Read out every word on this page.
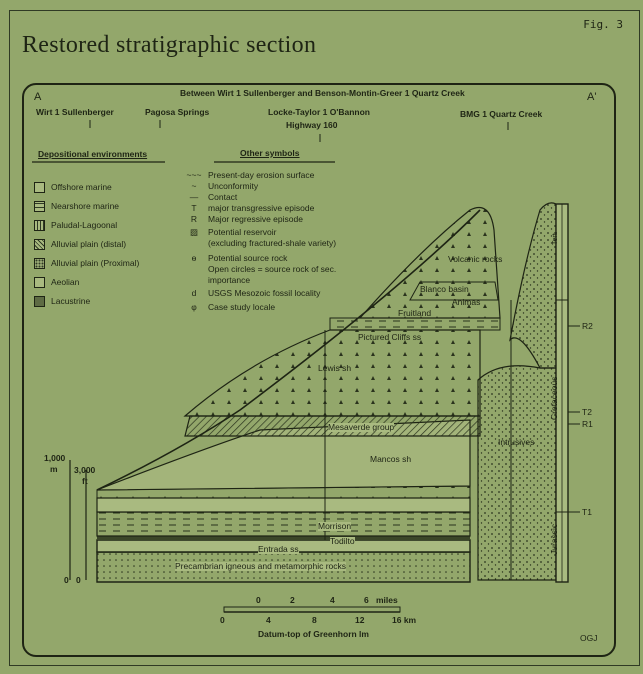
Fig. 3
Restored stratigraphic section
Between Wirt 1 Sullenberger and Benson-Montin-Greer 1 Quartz Creek
A	A'
Wirt 1 Sullenberger	Pagosa Springs	Locke-Taylor 1 O'Bannon
Highway 160
BMG 1 Quartz Creek
Depositional environments
Offshore marine
Nearshore marine
Paludal-Lagoonal
Alluvial plain (distal)
Alluvial plain (Proximal)
Aeolian
Lacustrine
Other symbols
~~~ Present-day erosion surface
~ Unconformity
— Contact
T major transgressive episode
R Major regressive episode
▨ Potential reservoir
(excluding fractured-shale variety)
ɵ Potential source rock
Open circles = source rock of sec.
importance
d USGS Mesozoic fossil locality
φ Case study locale
Volcanic rocks
Blanco basin
Animas
Fruitland
Pictured Cliffs ss
Lewis sh
Mesaverde group
Mancos sh
Intrusives
Morrison
Todilto
Entrada ss
Precambrian igneous and metamorphic rocks
Tert.
Cretaceous
Jurassic
R2
T2
R1
T1
1,000
m 3,000
ft
0 0
0	2	4	6 miles
0	4	8	12	16 km
Datum-top of Greenhorn lm	OGJ
